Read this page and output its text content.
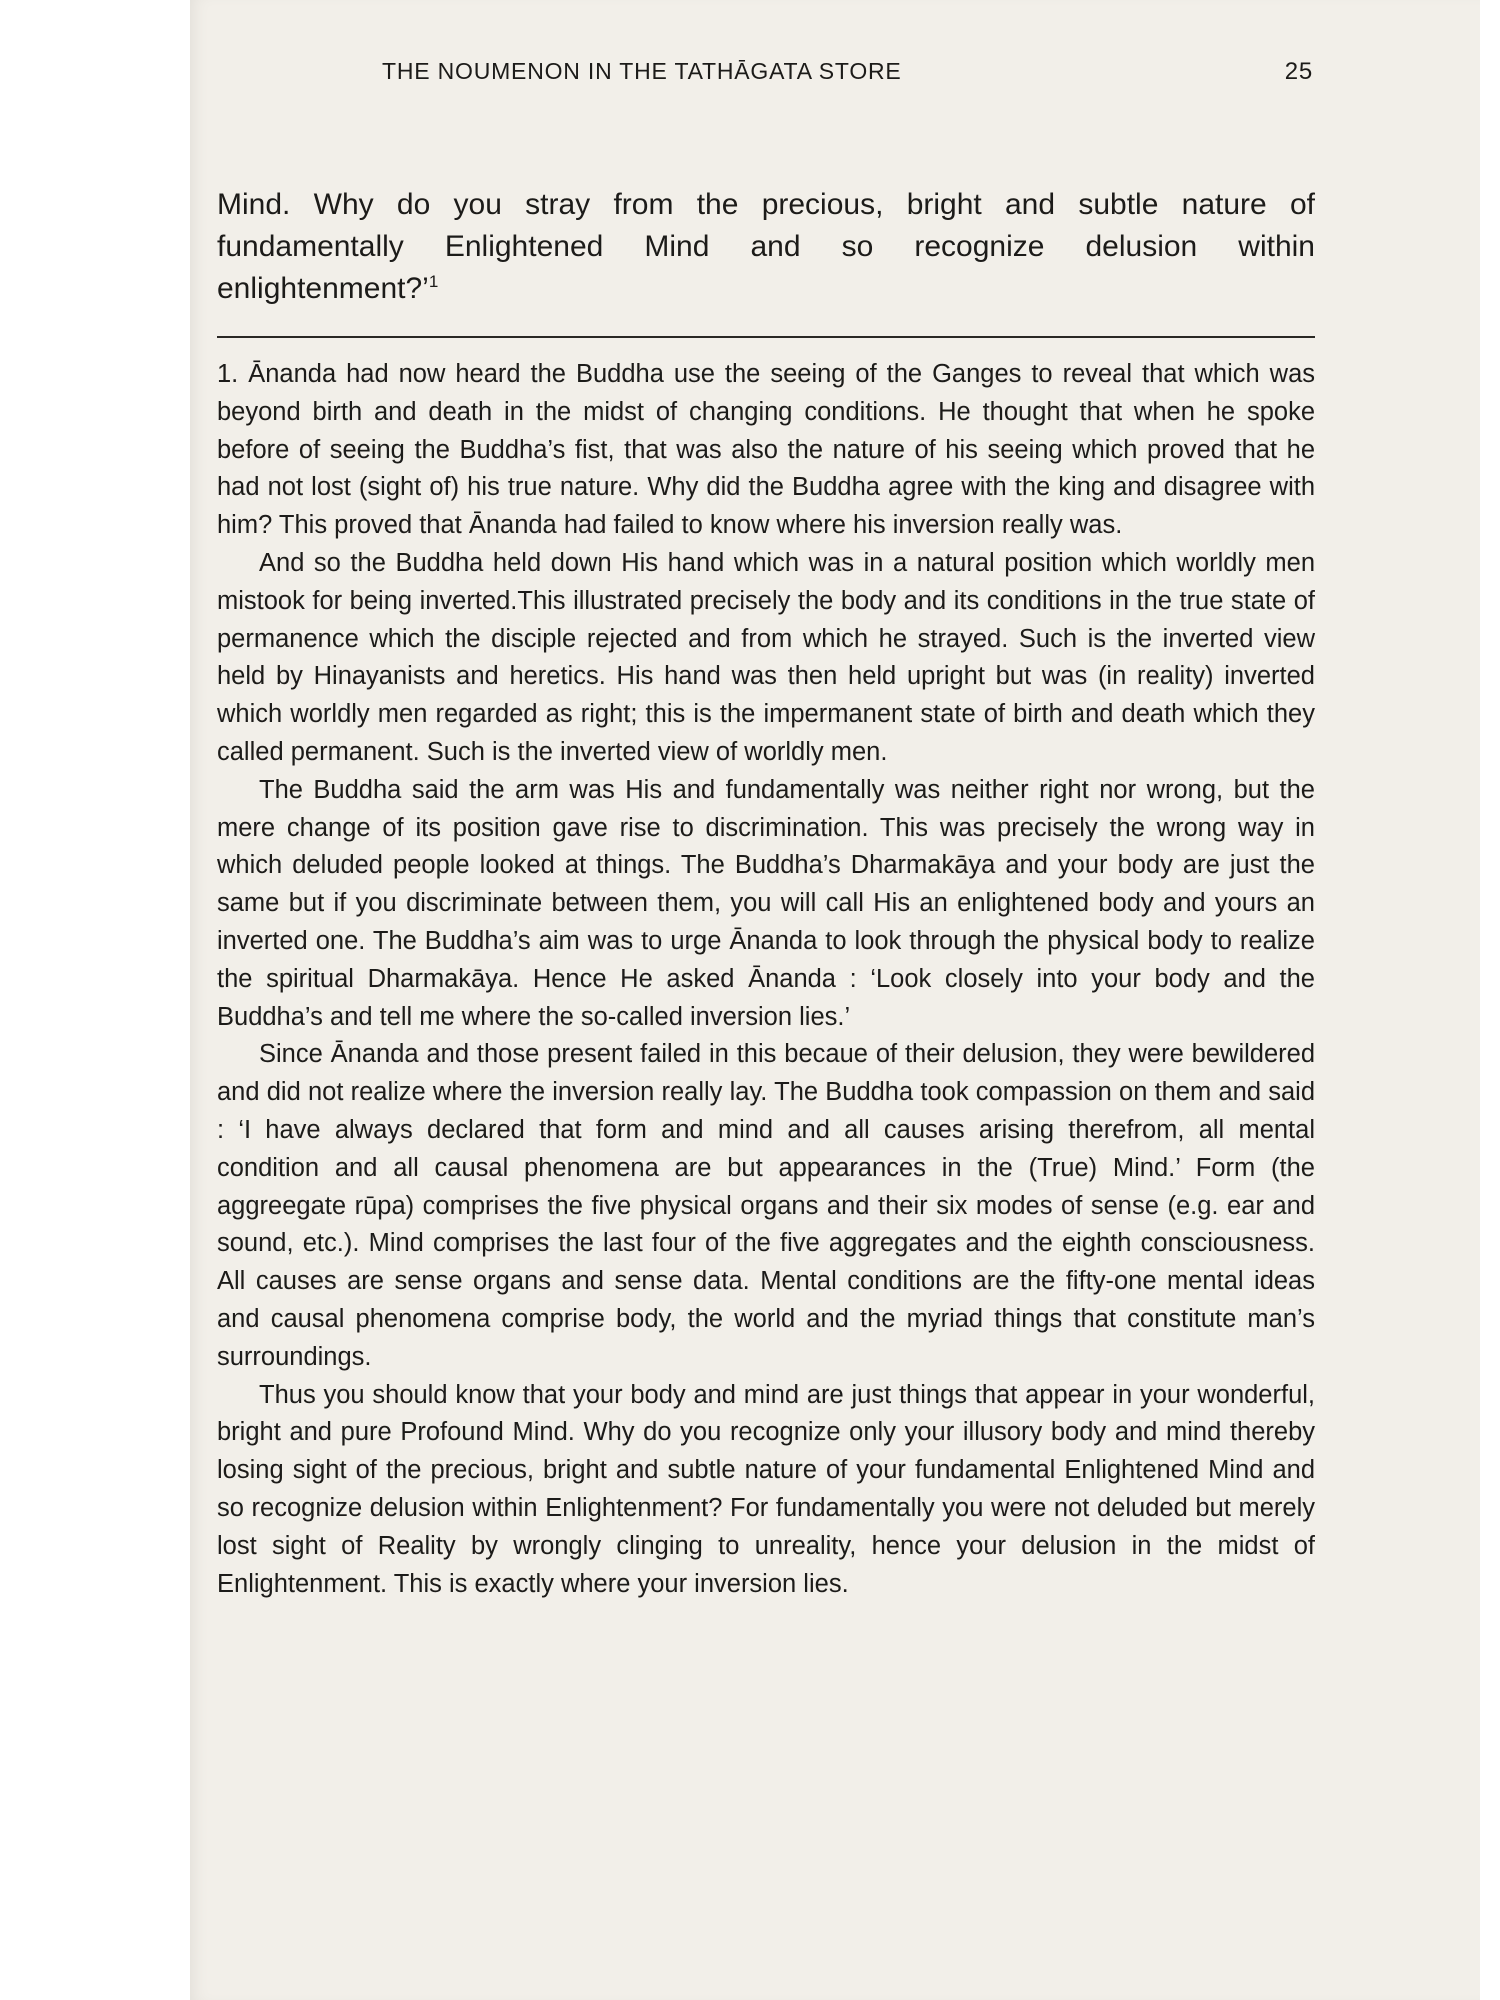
THE NOUMENON IN THE TATHĀGATA STORE	25

Mind. Why do you stray from the precious, bright and subtle nature of fundamentally Enlightened Mind and so recognize delusion within enlightenment?’$^1$

1. Ānanda had now heard the Buddha use the seeing of the Ganges to reveal that which was beyond birth and death in the midst of changing conditions. He thought that when he spoke before of seeing the Buddha’s fist, that was also the nature of his seeing which proved that he had not lost (sight of) his true nature. Why did the Buddha agree with the king and disagree with him? This proved that Ānanda had failed to know where his inversion really was.

And so the Buddha held down His hand which was in a natural position which worldly men mistook for being inverted.This illustrated precisely the body and its conditions in the true state of permanence which the disciple rejected and from which he strayed. Such is the inverted view held by Hinayanists and heretics. His hand was then held upright but was (in reality) inverted which worldly men regarded as right; this is the impermanent state of birth and death which they called permanent. Such is the inverted view of worldly men.

The Buddha said the arm was His and fundamentally was neither right nor wrong, but the mere change of its position gave rise to discrimination. This was precisely the wrong way in which deluded people looked at things. The Buddha’s Dharmakāya and your body are just the same but if you discriminate between them, you will call His an enlightened body and yours an inverted one. The Buddha’s aim was to urge Ānanda to look through the physical body to realize the spiritual Dharmakāya. Hence He asked Ānanda : ‘Look closely into your body and the Buddha’s and tell me where the so-called inversion lies.’

Since Ānanda and those present failed in this becaue of their delusion, they were bewildered and did not realize where the inversion really lay. The Buddha took compassion on them and said : ‘I have always declared that form and mind and all causes arising therefrom, all mental condition and all causal phenomena are but appearances in the (True) Mind.’ Form (the aggreegate rūpa) comprises the five physical organs and their six modes of sense (e.g. ear and sound, etc.). Mind comprises the last four of the five aggregates and the eighth consciousness. All causes are sense organs and sense data. Mental conditions are the fifty-one mental ideas and causal phenomena comprise body, the world and the myriad things that constitute man’s surroundings.

Thus you should know that your body and mind are just things that appear in your wonderful, bright and pure Profound Mind. Why do you recognize only your illusory body and mind thereby losing sight of the precious, bright and subtle nature of your fundamental Enlightened Mind and so recognize delusion within Enlightenment? For fundamentally you were not deluded but merely lost sight of Reality by wrongly clinging to unreality, hence your delusion in the midst of Enlightenment. This is exactly where your inversion lies.
